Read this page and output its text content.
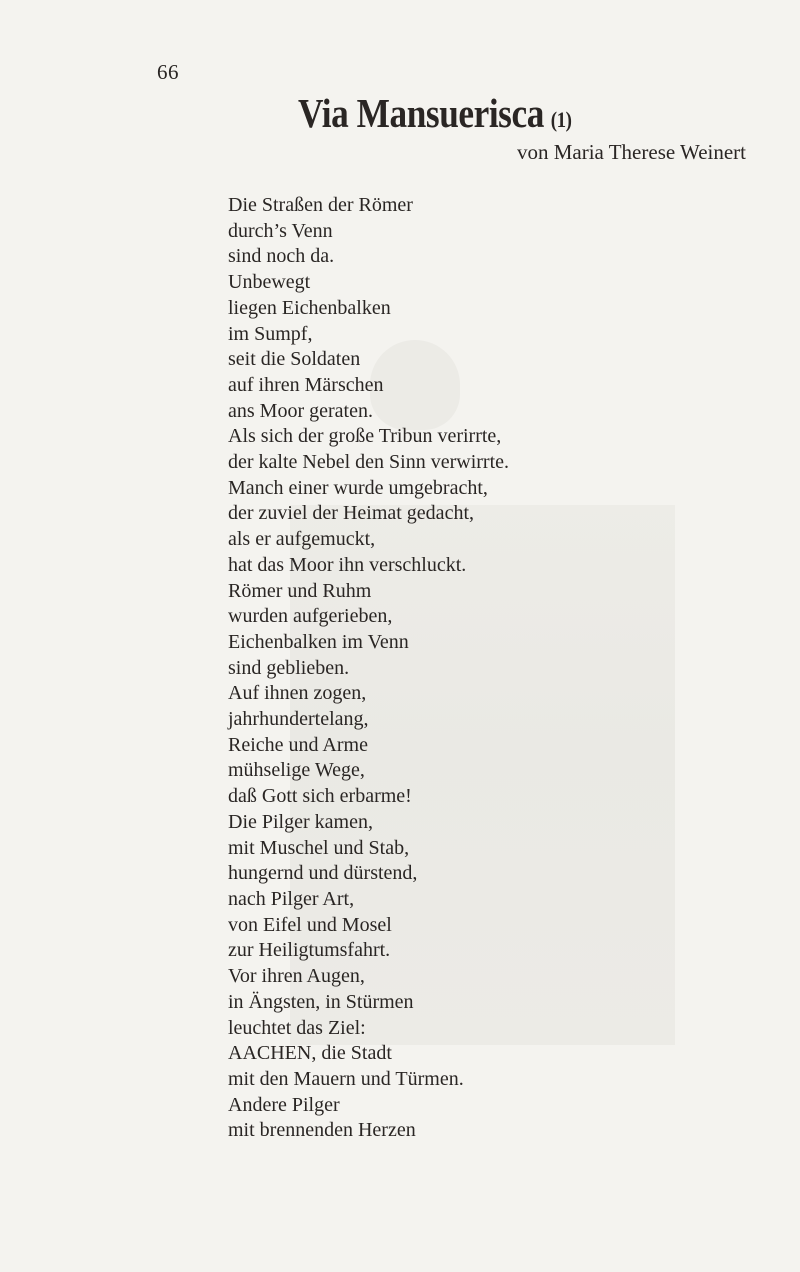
66
Via Mansuerisca (1)
von Maria Therese Weinert
Die Straßen der Römer
durch’s Venn
sind noch da.
Unbewegt
liegen Eichenbalken
im Sumpf,
seit die Soldaten
auf ihren Märschen
ans Moor geraten.
Als sich der große Tribun verirrte,
der kalte Nebel den Sinn verwirrte.
Manch einer wurde umgebracht,
der zuviel der Heimat gedacht,
als er aufgemuckt,
hat das Moor ihn verschluckt.
Römer und Ruhm
wurden aufgerieben,
Eichenbalken im Venn
sind geblieben.
Auf ihnen zogen,
jahrhundertelang,
Reiche und Arme
mühselige Wege,
daß Gott sich erbarme!
Die Pilger kamen,
mit Muschel und Stab,
hungernd und dürstend,
nach Pilger Art,
von Eifel und Mosel
zur Heiligtumsfahrt.
Vor ihren Augen,
in Ängsten, in Stürmen
leuchtet das Ziel:
AACHEN, die Stadt
mit den Mauern und Türmen.
Andere Pilger
mit brennenden Herzen
